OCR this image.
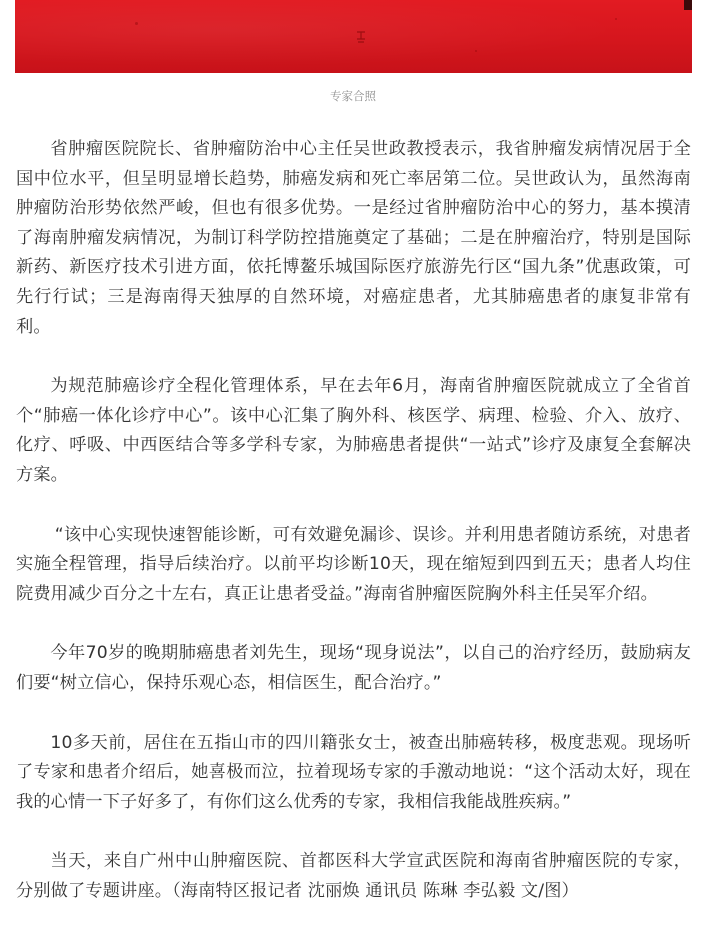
专家合照

省肿瘤医院院长、省肿瘤防治中心主任吴世政教授表示，我省肿瘤发病情况居于全国中位水平，但呈明显增长趋势，肺癌发病和死亡率居第二位。吴世政认为，虽然海南肿瘤防治形势依然严峻，但也有很多优势。一是经过省肿瘤防治中心的努力，基本摸清了海南肿瘤发病情况，为制订科学防控措施奠定了基础；二是在肿瘤治疗，特别是国际新药、新医疗技术引进方面，依托博鳌乐城国际医疗旅游先行区“国九条”优惠政策，可先行行试；三是海南得天独厚的自然环境，对癌症患者，尤其肺癌患者的康复非常有利。

为规范肺癌诊疗全程化管理体系，早在去年6月，海南省肿瘤医院就成立了全省首个“肺癌一体化诊疗中心”。该中心汇集了胸外科、核医学、病理、检验、介入、放疗、化疗、呼吸、中西医结合等多学科专家，为肺癌患者提供“一站式”诊疗及康复全套解决方案。

“该中心实现快速智能诊断，可有效避免漏诊、误诊。并利用患者随访系统，对患者实施全程管理，指导后续治疗。以前平均诊断10天，现在缩短到四到五天；患者人均住院费用减少百分之十左右，真正让患者受益。”海南省肿瘤医院胸外科主任吴军介绍。

今年70岁的晚期肺癌患者刘先生，现场“现身说法”，以自己的治疗经历，鼓励病友们要“树立信心，保持乐观心态，相信医生，配合治疗。”

10多天前，居住在五指山市的四川籍张女士，被查出肺癌转移，极度悲观。现场听了专家和患者介绍后，她喜极而泣，拉着现场专家的手激动地说：“这个活动太好，现在我的心情一下子好多了，有你们这么优秀的专家，我相信我能战胜疾病。”

当天，来自广州中山肿瘤医院、首都医科大学宣武医院和海南省肿瘤医院的专家，分别做了专题讲座。（海南特区报记者 沈丽焕 通讯员 陈琳 李弘毅 文/图）
